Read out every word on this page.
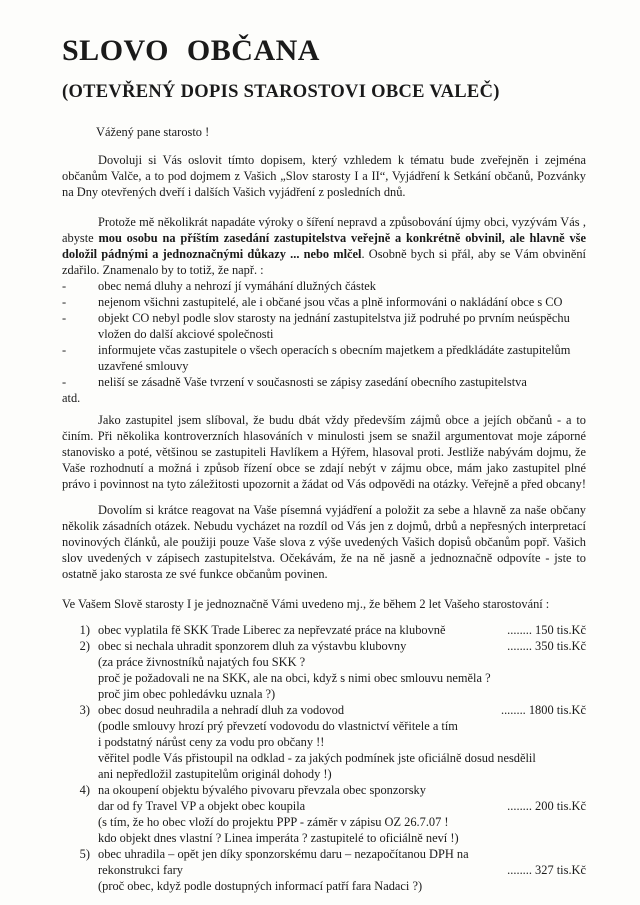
SLOVO OBČANA
(OTEVŘENÝ DOPIS STAROSTOVI OBCE VALEČ)
Vážený pane starosto !
Dovoluji si Vás oslovit tímto dopisem, který vzhledem k tématu bude zveřejněn i zejména
občanům Valče, a to pod dojmem z Vašich „Slov starosty I a II“, Vyjádření k Setkání občanů, Pozvánky
na Dny otevřených dveří i dalších Vašich vyjádření z posledních dnů.
Protože mě několikrát napadáte výroky o šíření nepravd a způsobování újmy obci, vyzývám Vás ,
abyste mou osobu na příštím zasedání zastupitelstva veřejně a konkrétně obvinil, ale hlavně vše
doložil pádnými a jednoznačnými důkazy ... nebo mlčel. Osobně bych si přál, aby se Vám obvinění
zdařilo. Znamenalo by to totiž, že např. :
-	obec nemá dluhy a nehrozí jí vymáhání dlužných částek
-	nejenom všichni zastupitelé, ale i občané jsou včas a plně informováni o nakládání obce s CO
-	objekt CO nebyl podle slov starosty na jednání zastupitelstva již podruhé po prvním neúspěchu
vložen do další akciové společnosti
-	informujete včas zastupitele o všech operacích s obecním majetkem a předkládáte zastupitelům
uzavřené smlouvy
-	neliší se zásadně Vaše tvrzení v současnosti se zápisy zasedání obecního zastupitelstva
atd.
Jako zastupitel jsem slíboval, že budu dbát vždy především zájmů obce a jejích občanů - a to
činím. Při několika kontroverzních hlasováních v minulosti jsem se snažil argumentovat moje záporné
stanovisko a poté, většinou se zastupiteli Havlíkem a Hýřem, hlasoval proti. Jestliže nabývám dojmu, že
Vaše rozhodnutí a možná i způsob řízení obce se zdají nebýt v zájmu obce, mám jako zastupitel plné
právo i povinnost na tyto záležitosti upozornit a žádat od Vás odpovědi na otázky. Veřejně a před obcany!
Dovolím si krátce reagovat na Vaše písemná vyjádření a položit za sebe a hlavně za naše občany
několik zásadních otázek. Nebudu vycházet na rozdíl od Vás jen z dojmů, drbů a nepřesných interpretací
novinových článků, ale použiji pouze Vaše slova z výše uvedených Vašich dopisů občanům popř. Vašich
slov uvedených v zápisech zastupitelstva. Očekávám, že na ně jasně a jednoznačně odpovíte - jste to
ostatně jako starosta ze své funkce občanům povinen.
Ve Vašem Slově starosty I je jednoznačně Vámi uvedeno mj., že během 2 let Vašeho starostování :
1) obec vyplatila fě SKK Trade Liberec za nepřevzaté práce na klubovně	........ 150 tis.Kč
2) obec si nechala uhradit sponzorem dluh za výstavbu klubovny
(za práce živnostníků najatých fou SKK ?
proč je požadovali ne na SKK, ale na obci, když s nimi obec smlouvu neměla ?
proč jim obec pohledávku uznala ?)
........ 350 tis.Kč
3) obec dosud neuhradila a nehradí dluh za vodovod
(podle smlouvy hrozí prý převzetí vodovodu do vlastnictví věřitele a tím
i podstatný nárůst ceny za vodu pro občany !!
věřitel podle Vás přistoupil na odklad - za jakých podmínek jste oficiálně dosud nesdělil
ani nepředložil zastupitelům originál dohody !)
........ 1800 tis.Kč
4) na okoupení objektu bývalého pivovaru převzala obec sponzorsky
dar od fy Travel VP a objekt obec koupila
(s tím, že ho obec vloží do projektu PPP - záměr v zápisu OZ 26.7.07 !
kdo objekt dnes vlastní ? Linea imperáta ? zastupitelé to oficiálně neví !)
........ 200 tis.Kč
5) obec uhradila – opět jen díky sponzorskému daru – nezapočítanou DPH na
rekonstrukci fary
(proč obec, když podle dostupných informací patří fara Nadaci ?)
........ 327 tis.Kč
